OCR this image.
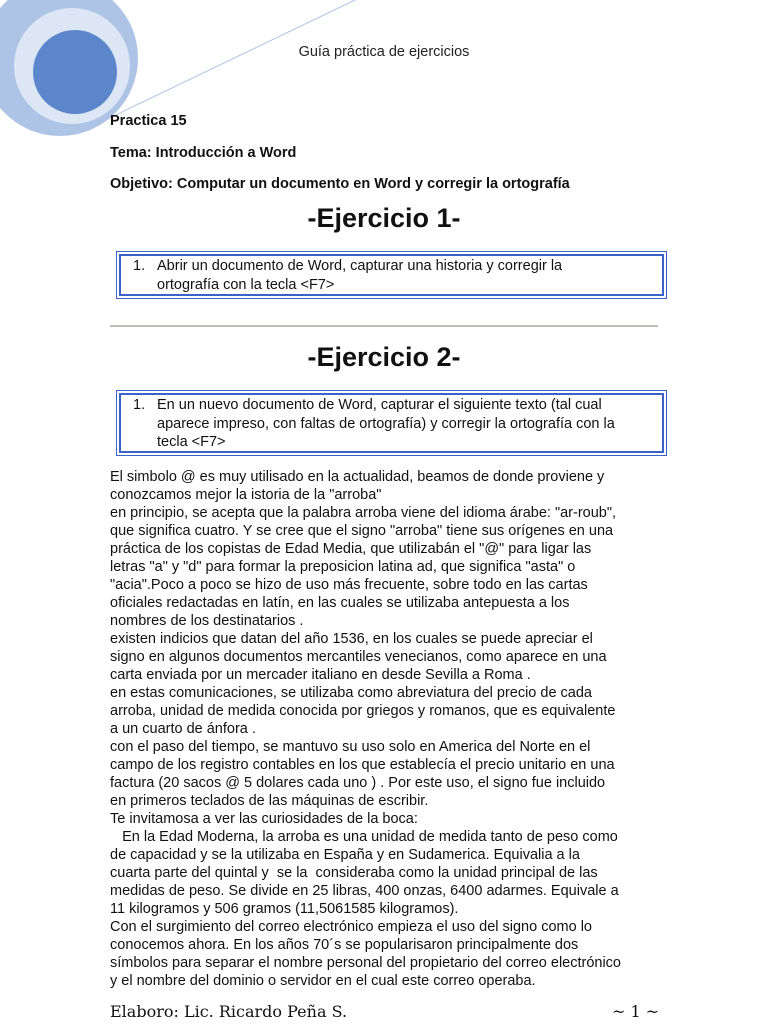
Guía práctica de ejercicios
Practica 15
Tema: Introducción a Word
Objetivo: Computar un documento en Word y corregir la ortografía
-Ejercicio 1-
1. Abrir un documento de Word, capturar una historia y corregir la
ortografía con la tecla <F7>
-Ejercicio 2-
1. En un nuevo documento de Word, capturar el siguiente texto (tal cual
aparece impreso, con faltas de ortografía) y corregir la ortografía con la
tecla <F7>
El simbolo @ es muy utilisado en la actualidad, beamos de donde proviene y
conozcamos mejor la istoria de la "arroba"
en principio, se acepta que la palabra arroba viene del idioma árabe: "ar-roub",
que significa cuatro. Y se cree que el signo "arroba" tiene sus orígenes en una
práctica de los copistas de Edad Media, que utilizabán el "@" para ligar las
letras "a" y "d" para formar la preposicion latina ad, que significa "asta" o
"acia".Poco a poco se hizo de uso más frecuente, sobre todo en las cartas
oficiales redactadas en latín, en las cuales se utilizaba antepuesta a los
nombres de los destinatarios .
existen indicios que datan del año 1536, en los cuales se puede apreciar el
signo en algunos documentos mercantiles venecianos, como aparece en una
carta enviada por un mercader italiano en desde Sevilla a Roma .
en estas comunicaciones, se utilizaba como abreviatura del precio de cada
arroba, unidad de medida conocida por griegos y romanos, que es equivalente
a un cuarto de ánfora .
con el paso del tiempo, se mantuvo su uso solo en America del Norte en el
campo de los registro contables en los que establecía el precio unitario en una
factura (20 sacos @ 5 dolares cada uno ) . Por este uso, el signo fue incluido
en primeros teclados de las máquinas de escribir.
Te invitamosa a ver las curiosidades de la boca:
En la Edad Moderna, la arroba es una unidad de medida tanto de peso como
de capacidad y se la utilizaba en España y en Sudamerica. Equivalia a la
cuarta parte del quintal y  se la  consideraba como la unidad principal de las
medidas de peso. Se divide en 25 libras, 400 onzas, 6400 adarmes. Equivale a
11 kilogramos y 506 gramos (11,5061585 kilogramos).
Con el surgimiento del correo electrónico empieza el uso del signo como lo
conocemos ahora. En los años 70´s se popularisaron principalmente dos
símbolos para separar el nombre personal del propietario del correo electrónico
y el nombre del dominio o servidor en el cual este correo operaba.
Elaboro: Lic. Ricardo Peña S.	~ 1 ~
